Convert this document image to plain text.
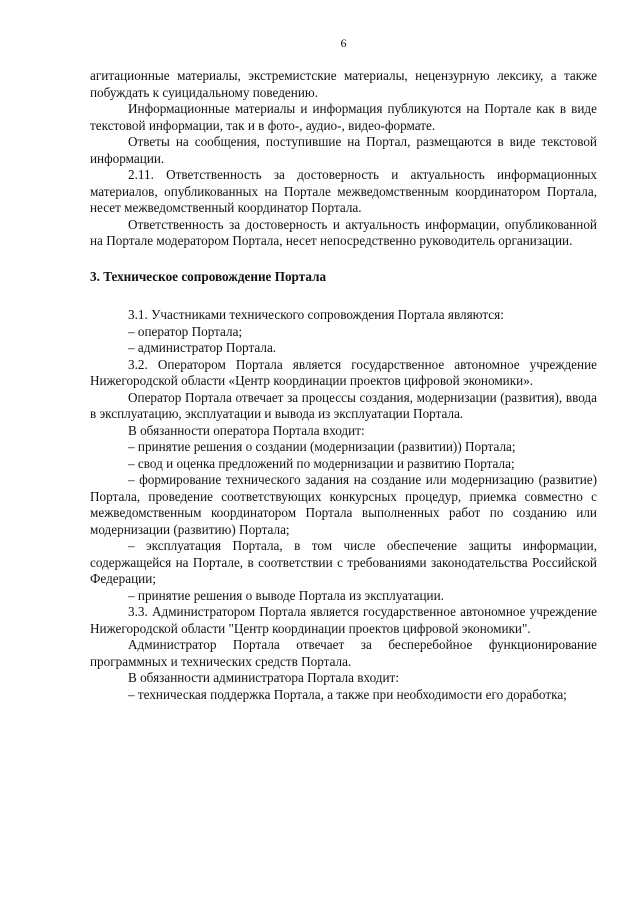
6

агитационные материалы, экстремистские материалы, нецензурную лексику, а также побуждать к суицидальному поведению.

Информационные материалы и информация публикуются на Портале как в виде текстовой информации, так и в фото-, аудио-, видео-формате.

Ответы на сообщения, поступившие на Портал, размещаются в виде текстовой информации.

2.11. Ответственность за достоверность и актуальность информационных материалов, опубликованных на Портале межведомственным координатором Портала, несет межведомственный координатор Портала.

Ответственность за достоверность и актуальность информации, опубликованной на Портале модератором Портала, несет непосредственно руководитель организации.

3. Техническое сопровождение Портала

3.1. Участниками технического сопровождения Портала являются:

– оператор Портала;

– администратор Портала.

3.2. Оператором Портала является государственное автономное учреждение Нижегородской области «Центр координации проектов цифровой экономики».

Оператор Портала отвечает за процессы создания, модернизации (развития), ввода в эксплуатацию, эксплуатации и вывода из эксплуатации Портала.

В обязанности оператора Портала входит:

– принятие решения о создании (модернизации (развитии)) Портала;

– свод и оценка предложений по модернизации и развитию Портала;

– формирование технического задания на создание или модернизацию (развитие) Портала, проведение соответствующих конкурсных процедур, приемка совместно с межведомственным координатором Портала выполненных работ по созданию или модернизации (развитию) Портала;

– эксплуатация Портала, в том числе обеспечение защиты информации, содержащейся на Портале, в соответствии с требованиями законодательства Российской Федерации;

– принятие решения о выводе Портала из эксплуатации.

3.3. Администратором Портала является государственное автономное учреждение Нижегородской области "Центр координации проектов цифровой экономики".

Администратор Портала отвечает за бесперебойное функционирование программных и технических средств Портала.

В обязанности администратора Портала входит:

– техническая поддержка Портала, а также при необходимости его доработка;
